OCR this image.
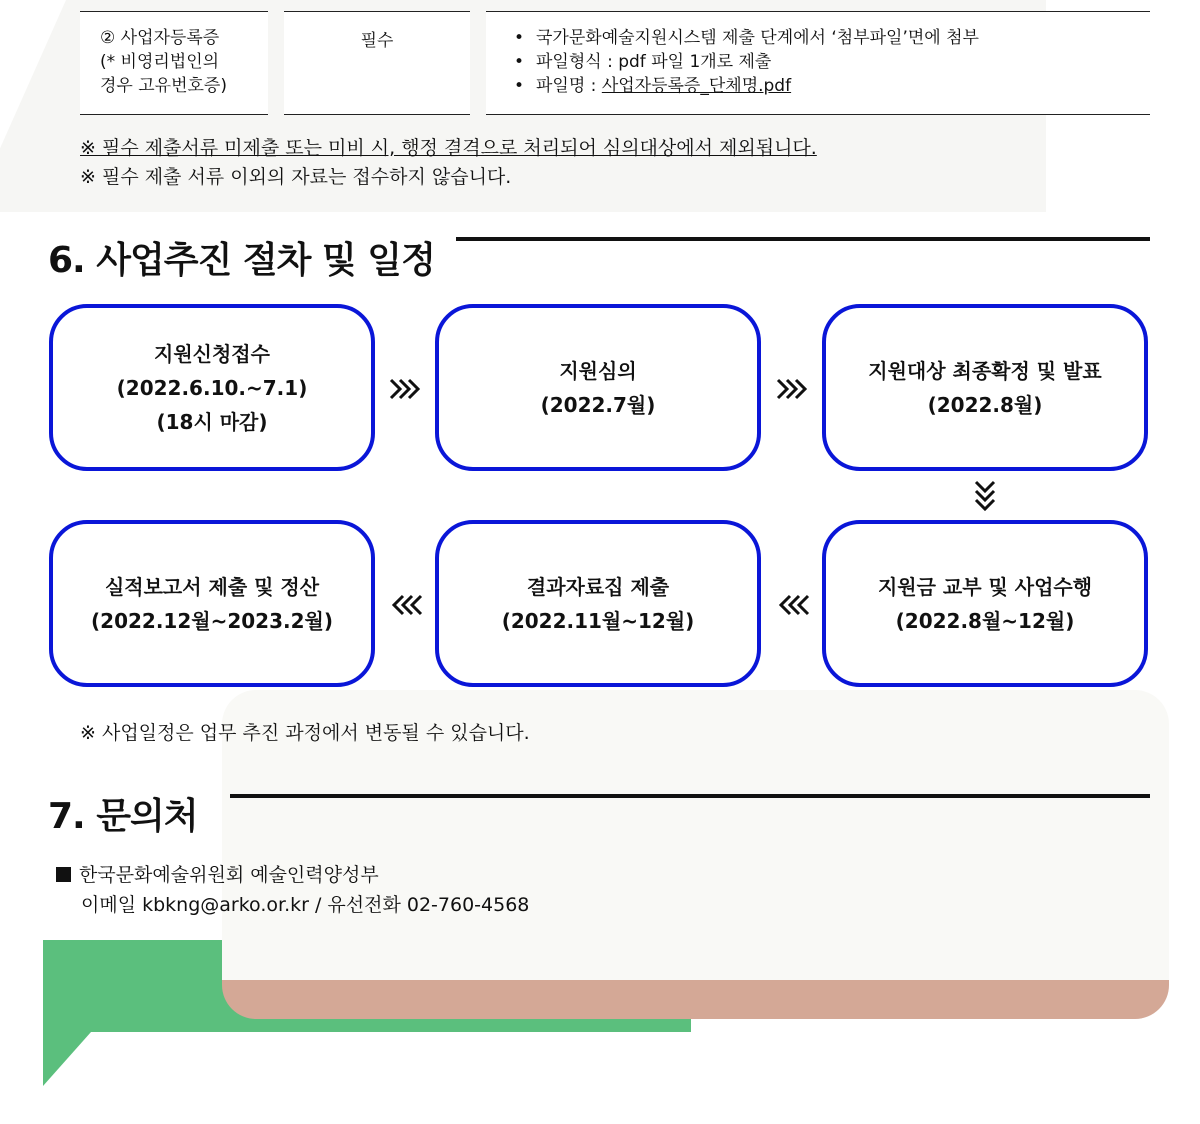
② 사업자등록증
(* 비영리법인의
경우 고유번호증)
필수	• 국가문화예술지원시스템 제출 단계에서 ‘첨부파일’면에 첨부
• 파일형식 : pdf 파일 1개로 제출
• 파일명 : 사업자등록증_단체명.pdf
※ 필수 제출서류 미제출 또는 미비 시, 행정 결격으로 처리되어 심의대상에서 제외됩니다.
※ 필수 제출 서류 이외의 자료는 접수하지 않습니다.
6. 사업추진 절차 및 일정
지원신청접수
(2022.6.10.~7.1)
(18시 마감)
지원심의
(2022.7월)
지원대상 최종확정 및 발표
(2022.8월)
지원금 교부 및 사업수행
(2022.8월~12월)
결과자료집 제출
(2022.11월~12월)
실적보고서 제출 및 정산
(2022.12월~2023.2월)
※ 사업일정은 업무 추진 과정에서 변동될 수 있습니다.
7. 문의처
한국문화예술위원회 예술인력양성부
이메일 kbkng@arko.or.kr / 유선전화 02-760-4568
